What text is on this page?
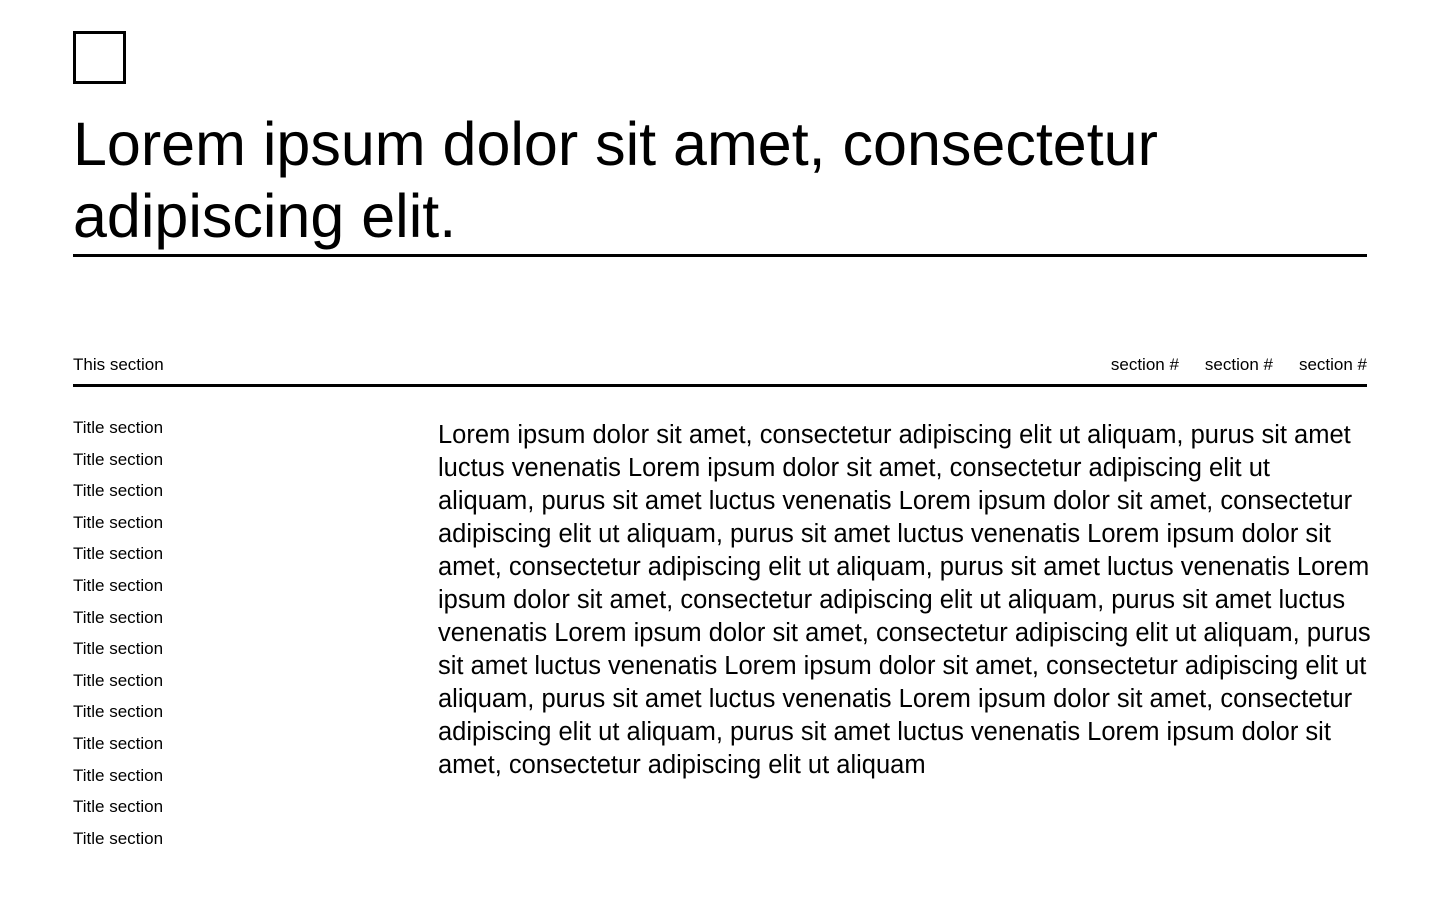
Lorem ipsum dolor sit amet, consectetur adipiscing elit.
This section	section # section # section #
Title section
Title section
Title section
Title section
Title section
Title section
Title section
Title section
Title section
Title section
Title section
Title section
Title section
Title section

Lorem ipsum dolor sit amet, consectetur adipiscing elit ut aliquam, purus sit amet luctus venenatis Lorem ipsum dolor sit amet, consectetur adipiscing elit ut aliquam, purus sit amet luctus venenatis Lorem ipsum dolor sit amet, consectetur adipiscing elit ut aliquam, purus sit amet luctus venenatis Lorem ipsum dolor sit amet, consectetur adipiscing elit ut aliquam, purus sit amet luctus venenatis Lorem ipsum dolor sit amet, consectetur adipiscing elit ut aliquam, purus sit amet luctus venenatis Lorem ipsum dolor sit amet, consectetur adipiscing elit ut aliquam, purus sit amet luctus venenatis Lorem ipsum dolor sit amet, consectetur adipiscing elit ut aliquam, purus sit amet luctus venenatis Lorem ipsum dolor sit amet, consectetur adipiscing elit ut aliquam, purus sit amet luctus venenatis Lorem ipsum dolor sit amet, consectetur adipiscing elit ut aliquam
